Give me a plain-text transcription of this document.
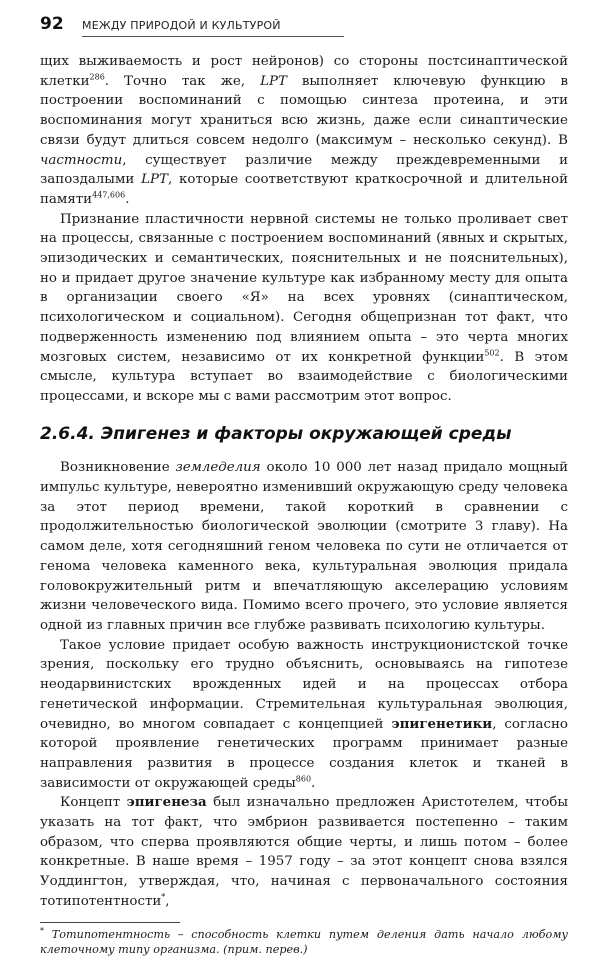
92	МЕЖДУ ПРИРОДОЙ И КУЛЬТУРОЙ

щих выживаемость и рост нейронов) со стороны постсинаптической клетки$^{286}$. Точно так же, LPT выполняет ключевую функцию в построении воспоминаний с помощью синтеза протеина, и эти воспоминания могут храниться всю жизнь, даже если синаптические связи будут длиться совсем недолго (максимум – несколько секунд). В частности, существует различие между преждевременными и запоздалыми LPT, которые соответствуют краткосрочной и длительной памяти$^{447,606}$.

Признание пластичности нервной системы не только проливает свет на процессы, связанные с построением воспоминаний (явных и скрытых, эпизодических и семантических, пояснительных и не пояснительных), но и придает другое значение культуре как избранному месту для опыта в организации своего «Я» на всех уровнях (синаптическом, психологическом и социальном). Сегодня общепризнан тот факт, что подверженность изменению под влиянием опыта – это черта многих мозговых систем, независимо от их конкретной функции$^{502}$. В этом смысле, культура вступает во взаимодействие с биологическими процессами, и вскоре мы с вами рассмотрим этот вопрос.

2.6.4. Эпигенез и факторы окружающей среды

Возникновение земледелия около 10 000 лет назад придало мощный импульс культуре, невероятно изменивший окружающую среду человека за этот период времени, такой короткий в сравнении с продолжительностью биологической эволюции (смотрите 3 главу). На самом деле, хотя сегодняшний геном человека по сути не отличается от генома человека каменного века, культуральная эволюция придала головокружительный ритм и впечатляющую акселерацию условиям жизни человеческого вида. Помимо всего прочего, это условие является одной из главных причин все глубже развивать психологию культуры.

Такое условие придает особую важность инструкционистской точке зрения, поскольку его трудно объяснить, основываясь на гипотезе неодарвинистских врожденных идей и на процессах отбора генетической информации. Стремительная культуральная эволюция, очевидно, во многом совпадает с концепцией эпигенетики, согласно которой проявление генетических программ принимает разные направления развития в процессе создания клеток и тканей в зависимости от окружающей среды$^{860}$.

Концепт эпигенеза был изначально предложен Аристотелем, чтобы указать на тот факт, что эмбрион развивается постепенно – таким образом, что сперва проявляются общие черты, и лишь потом – более конкретные. В наше время – 1957 году – за этот концепт снова взялся Уоддингтон, утверждая, что, начиная с первоначального состояния тотипотентности*,

* Тотипотентность – способность клетки путем деления дать начало любому клеточному типу организма. (прим. перев.)
